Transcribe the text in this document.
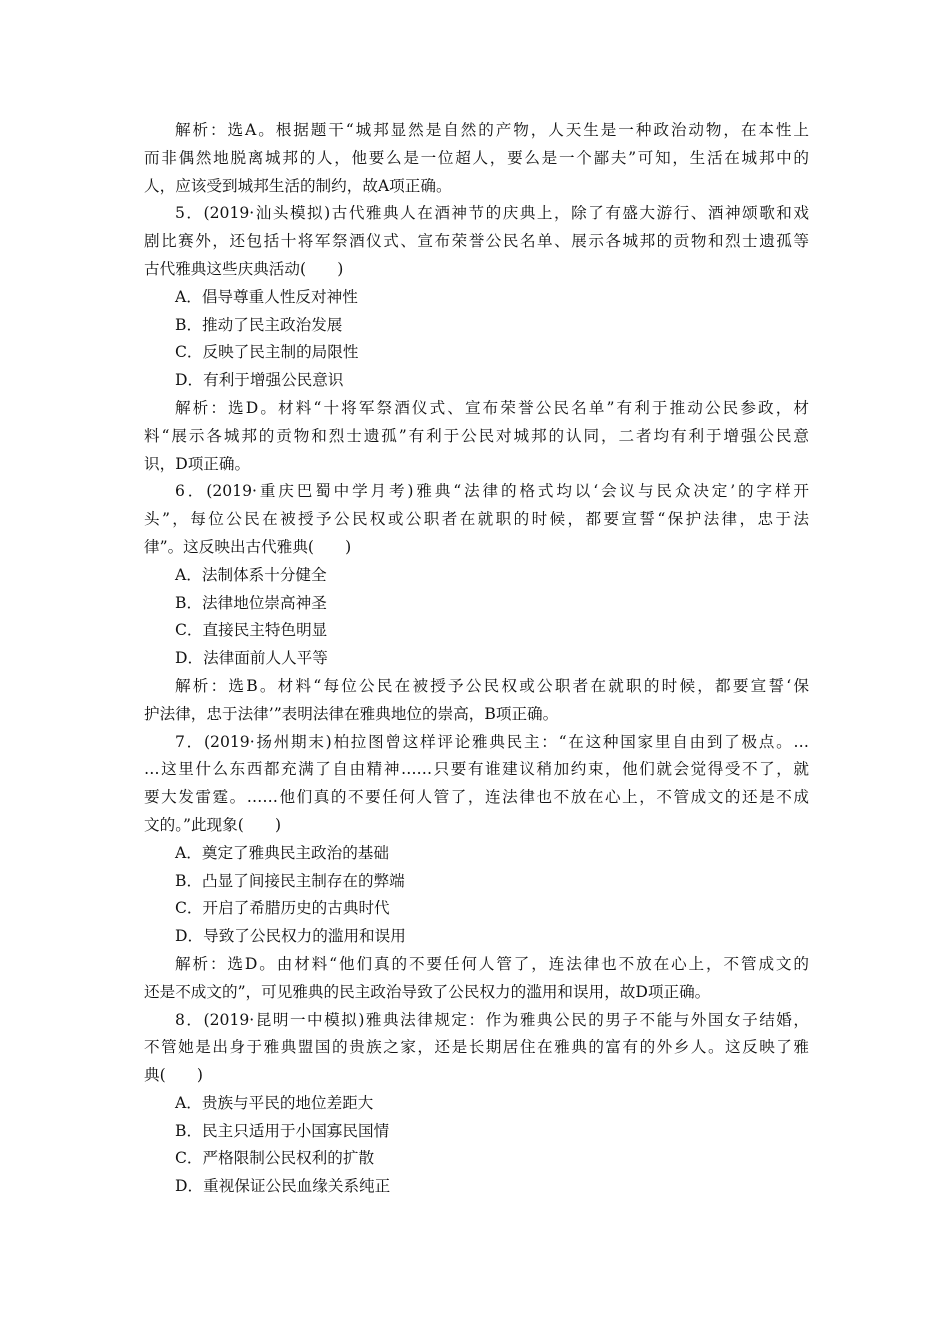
解析：选A。根据题干“城邦显然是自然的产物，人天生是一种政治动物，在本性上
而非偶然地脱离城邦的人，他要么是一位超人，要么是一个鄙夫”可知，生活在城邦中的
人，应该受到城邦生活的制约，故A项正确。
5．(2019·汕头模拟)古代雅典人在酒神节的庆典上，除了有盛大游行、酒神颂歌和戏
剧比赛外，还包括十将军祭酒仪式、宣布荣誉公民名单、展示各城邦的贡物和烈士遗孤等
古代雅典这些庆典活动(　　)
A．倡导尊重人性反对神性
B．推动了民主政治发展
C．反映了民主制的局限性
D．有利于增强公民意识
解析：选D。材料“十将军祭酒仪式、宣布荣誉公民名单”有利于推动公民参政，材
料“展示各城邦的贡物和烈士遗孤”有利于公民对城邦的认同，二者均有利于增强公民意
识，D项正确。
6．(2019·重庆巴蜀中学月考)雅典“法律的格式均以‘会议与民众决定’的字样开
头”，每位公民在被授予公民权或公职者在就职的时候，都要宣誓“保护法律，忠于法
律”。这反映出古代雅典(　　)
A．法制体系十分健全
B．法律地位崇高神圣
C．直接民主特色明显
D．法律面前人人平等
解析：选B。材料“每位公民在被授予公民权或公职者在就职的时候，都要宣誓‘保
护法律，忠于法律’”表明法律在雅典地位的崇高，B项正确。
7．(2019·扬州期末)柏拉图曾这样评论雅典民主：“在这种国家里自由到了极点。…
…这里什么东西都充满了自由精神……只要有谁建议稍加约束，他们就会觉得受不了，就
要大发雷霆。……他们真的不要任何人管了，连法律也不放在心上，不管成文的还是不成
文的。”此现象(　　)
A．奠定了雅典民主政治的基础
B．凸显了间接民主制存在的弊端
C．开启了希腊历史的古典时代
D．导致了公民权力的滥用和误用
解析：选D。由材料“他们真的不要任何人管了，连法律也不放在心上，不管成文的
还是不成文的”，可见雅典的民主政治导致了公民权力的滥用和误用，故D项正确。
8．(2019·昆明一中模拟)雅典法律规定：作为雅典公民的男子不能与外国女子结婚，
不管她是出身于雅典盟国的贵族之家，还是长期居住在雅典的富有的外乡人。这反映了雅
典(　　)
A．贵族与平民的地位差距大
B．民主只适用于小国寡民国情
C．严格限制公民权利的扩散
D．重视保证公民血缘关系纯正
